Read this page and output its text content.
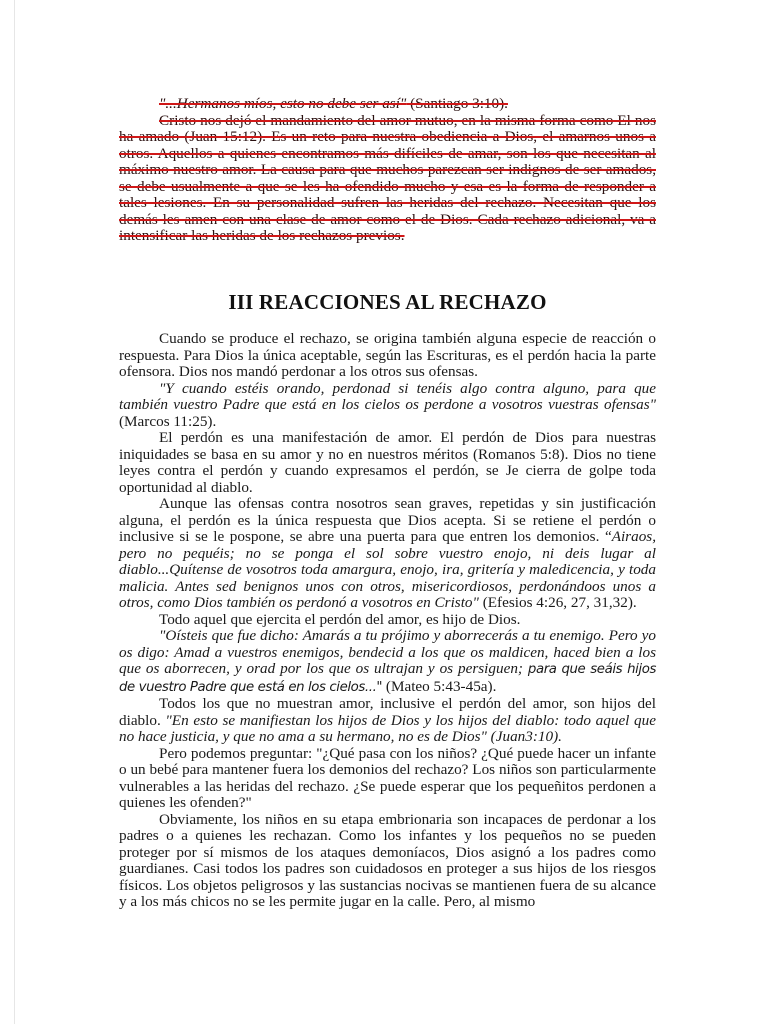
"...Hermanos míos, esto no debe ser así" (Santiago 3:10).

Cristo nos dejó el mandamiento del amor mutuo, en la misma forma como El nos ha amado (Juan 15:12). Es un reto para nuestra obediencia a Dios, el amarnos unos a otros. Aquellos a quienes encontramos más difíciles de amar, son los que necesitan al máximo nuestro amor. La causa para que muchos parezcan ser indignos de ser amados, se debe usualmente a que se les ha ofendido mucho y esa es la forma de responder a tales lesiones. En su personalidad sufren las heridas del rechazo. Necesitan que los demás les amen con una clase de amor como el de Dios. Cada rechazo adicional, va a intensificar las heridas de los rechazos previos.

III REACCIONES AL RECHAZO

Cuando se produce el rechazo, se origina también alguna especie de reacción o respuesta. Para Dios la única aceptable, según las Escrituras, es el perdón hacia la parte ofensora. Dios nos mandó perdonar a los otros sus ofensas.

"Y cuando estéis orando, perdonad si tenéis algo contra alguno, para que también vuestro Padre que está en los cielos os perdone a vosotros vuestras ofensas" (Marcos 11:25).

El perdón es una manifestación de amor. El perdón de Dios para nuestras iniquidades se basa en su amor y no en nuestros méritos (Romanos 5:8). Dios no tiene leyes contra el perdón y cuando expresamos el perdón, se Je cierra de golpe toda oportunidad al diablo.

Aunque las ofensas contra nosotros sean graves, repetidas y sin justificación alguna, el perdón es la única respuesta que Dios acepta. Si se retiene el perdón o inclusive si se le pospone, se abre una puerta para que entren los demonios. “Airaos, pero no pequéis; no se ponga el sol sobre vuestro enojo, ni deis lugar al diablo...Quítense de vosotros toda amargura, enojo, ira, gritería y maledicencia, y toda malicia. Antes sed benignos unos con otros, misericordiosos, perdonándoos unos a otros, como Dios también os perdonó a vosotros en Cristo" (Efesios 4:26, 27, 31,32).

Todo aquel que ejercita el perdón del amor, es hijo de Dios.

"Oísteis que fue dicho: Amarás a tu prójimo y aborrecerás a tu enemigo. Pero yo os digo: Amad a vuestros enemigos, bendecid a los que os maldicen, haced bien a los que os aborrecen, y orad por los que os ultrajan y os persiguen; para que seáis hijos de vuestro Padre que está en los cielos..." (Mateo 5:43-45a).

Todos los que no muestran amor, inclusive el perdón del amor, son hijos del diablo. "En esto se manifiestan los hijos de Dios y los hijos del diablo: todo aquel que no hace justicia, y que no ama a su hermano, no es de Dios" (Juan3:10).

Pero podemos preguntar: "¿Qué pasa con los niños? ¿Qué puede hacer un infante o un bebé para mantener fuera los demonios del rechazo? Los niños son particularmente vulnerables a las heridas del rechazo. ¿Se puede esperar que los pequeñitos perdonen a quienes les ofenden?"

Obviamente, los niños en su etapa embrionaria son incapaces de perdonar a los padres o a quienes les rechazan. Como los infantes y los pequeños no se pueden proteger por sí mismos de los ataques demoníacos, Dios asignó a los padres como guardianes. Casi todos los padres son cuidadosos en proteger a sus hijos de los riesgos físicos. Los objetos peligrosos y las sustancias nocivas se mantienen fuera de su alcance y a los más chicos no se les permite jugar en la calle. Pero, al mismo
